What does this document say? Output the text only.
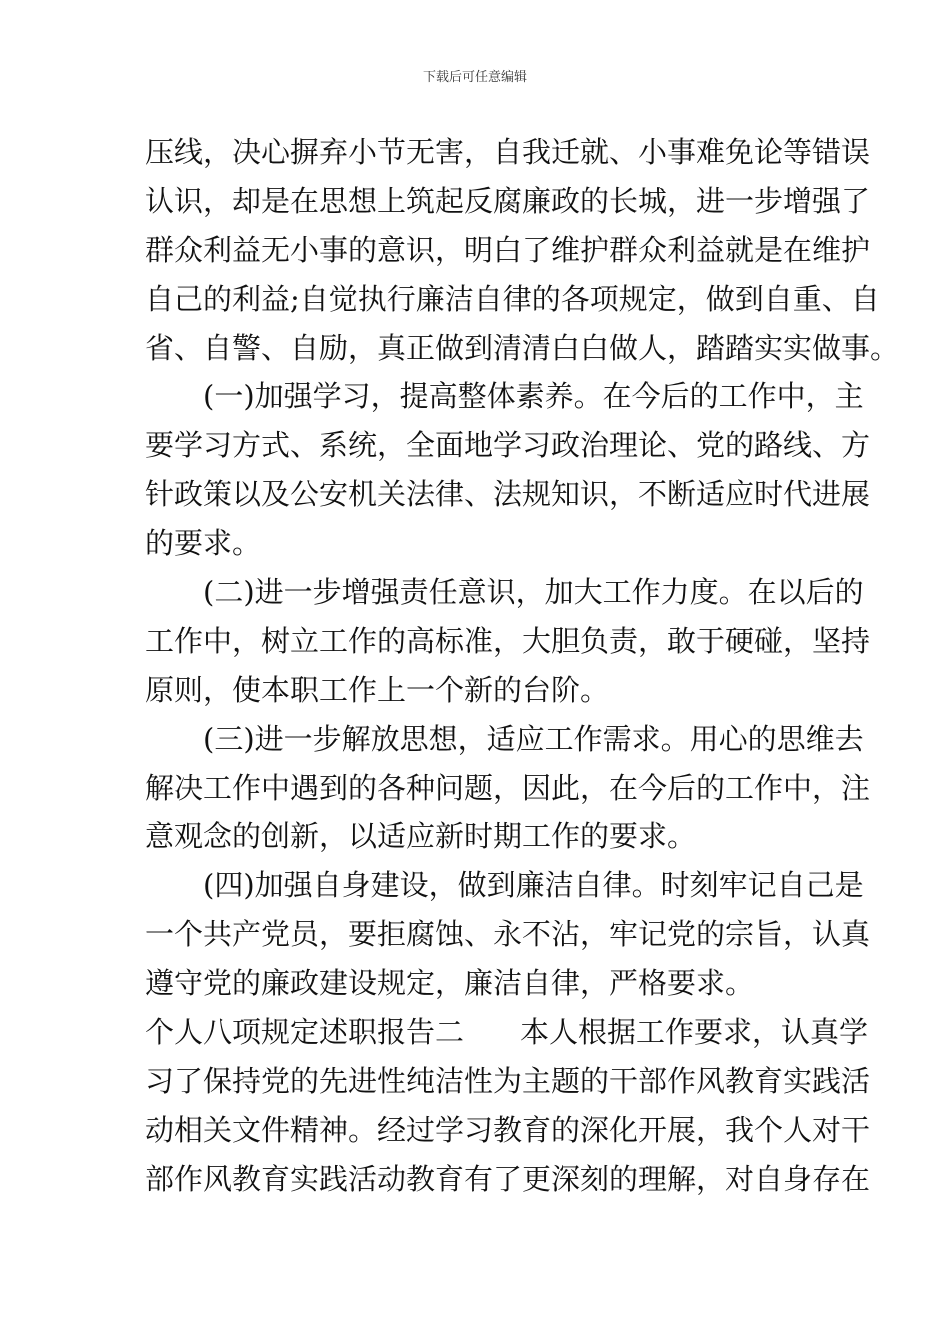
下载后可任意编辑
压线，决心摒弃小节无害，自我迁就、小事难免论等错误
认识，却是在思想上筑起反腐廉政的长城，进一步增强了
群众利益无小事的意识，明白了维护群众利益就是在维护
自己的利益;自觉执行廉洁自律的各项规定，做到自重、自
省、自警、自励，真正做到清清白白做人，踏踏实实做事。
(一)加强学习，提高整体素养。在今后的工作中，主
要学习方式、系统，全面地学习政治理论、党的路线、方
针政策以及公安机关法律、法规知识，不断适应时代进展
的要求。
(二)进一步增强责任意识，加大工作力度。在以后的
工作中，树立工作的高标准，大胆负责，敢于硬碰，坚持
原则，使本职工作上一个新的台阶。
(三)进一步解放思想，适应工作需求。用心的思维去
解决工作中遇到的各种问题，因此，在今后的工作中，注
意观念的创新，以适应新时期工作的要求。
(四)加强自身建设，做到廉洁自律。时刻牢记自己是
一个共产党员，要拒腐蚀、永不沾，牢记党的宗旨，认真
遵守党的廉政建设规定，廉洁自律，严格要求。
个人八项规定述职报告二 本人根据工作要求，认真学
习了保持党的先进性纯洁性为主题的干部作风教育实践活
动相关文件精神。经过学习教育的深化开展，我个人对干
部作风教育实践活动教育有了更深刻的理解，对自身存在
